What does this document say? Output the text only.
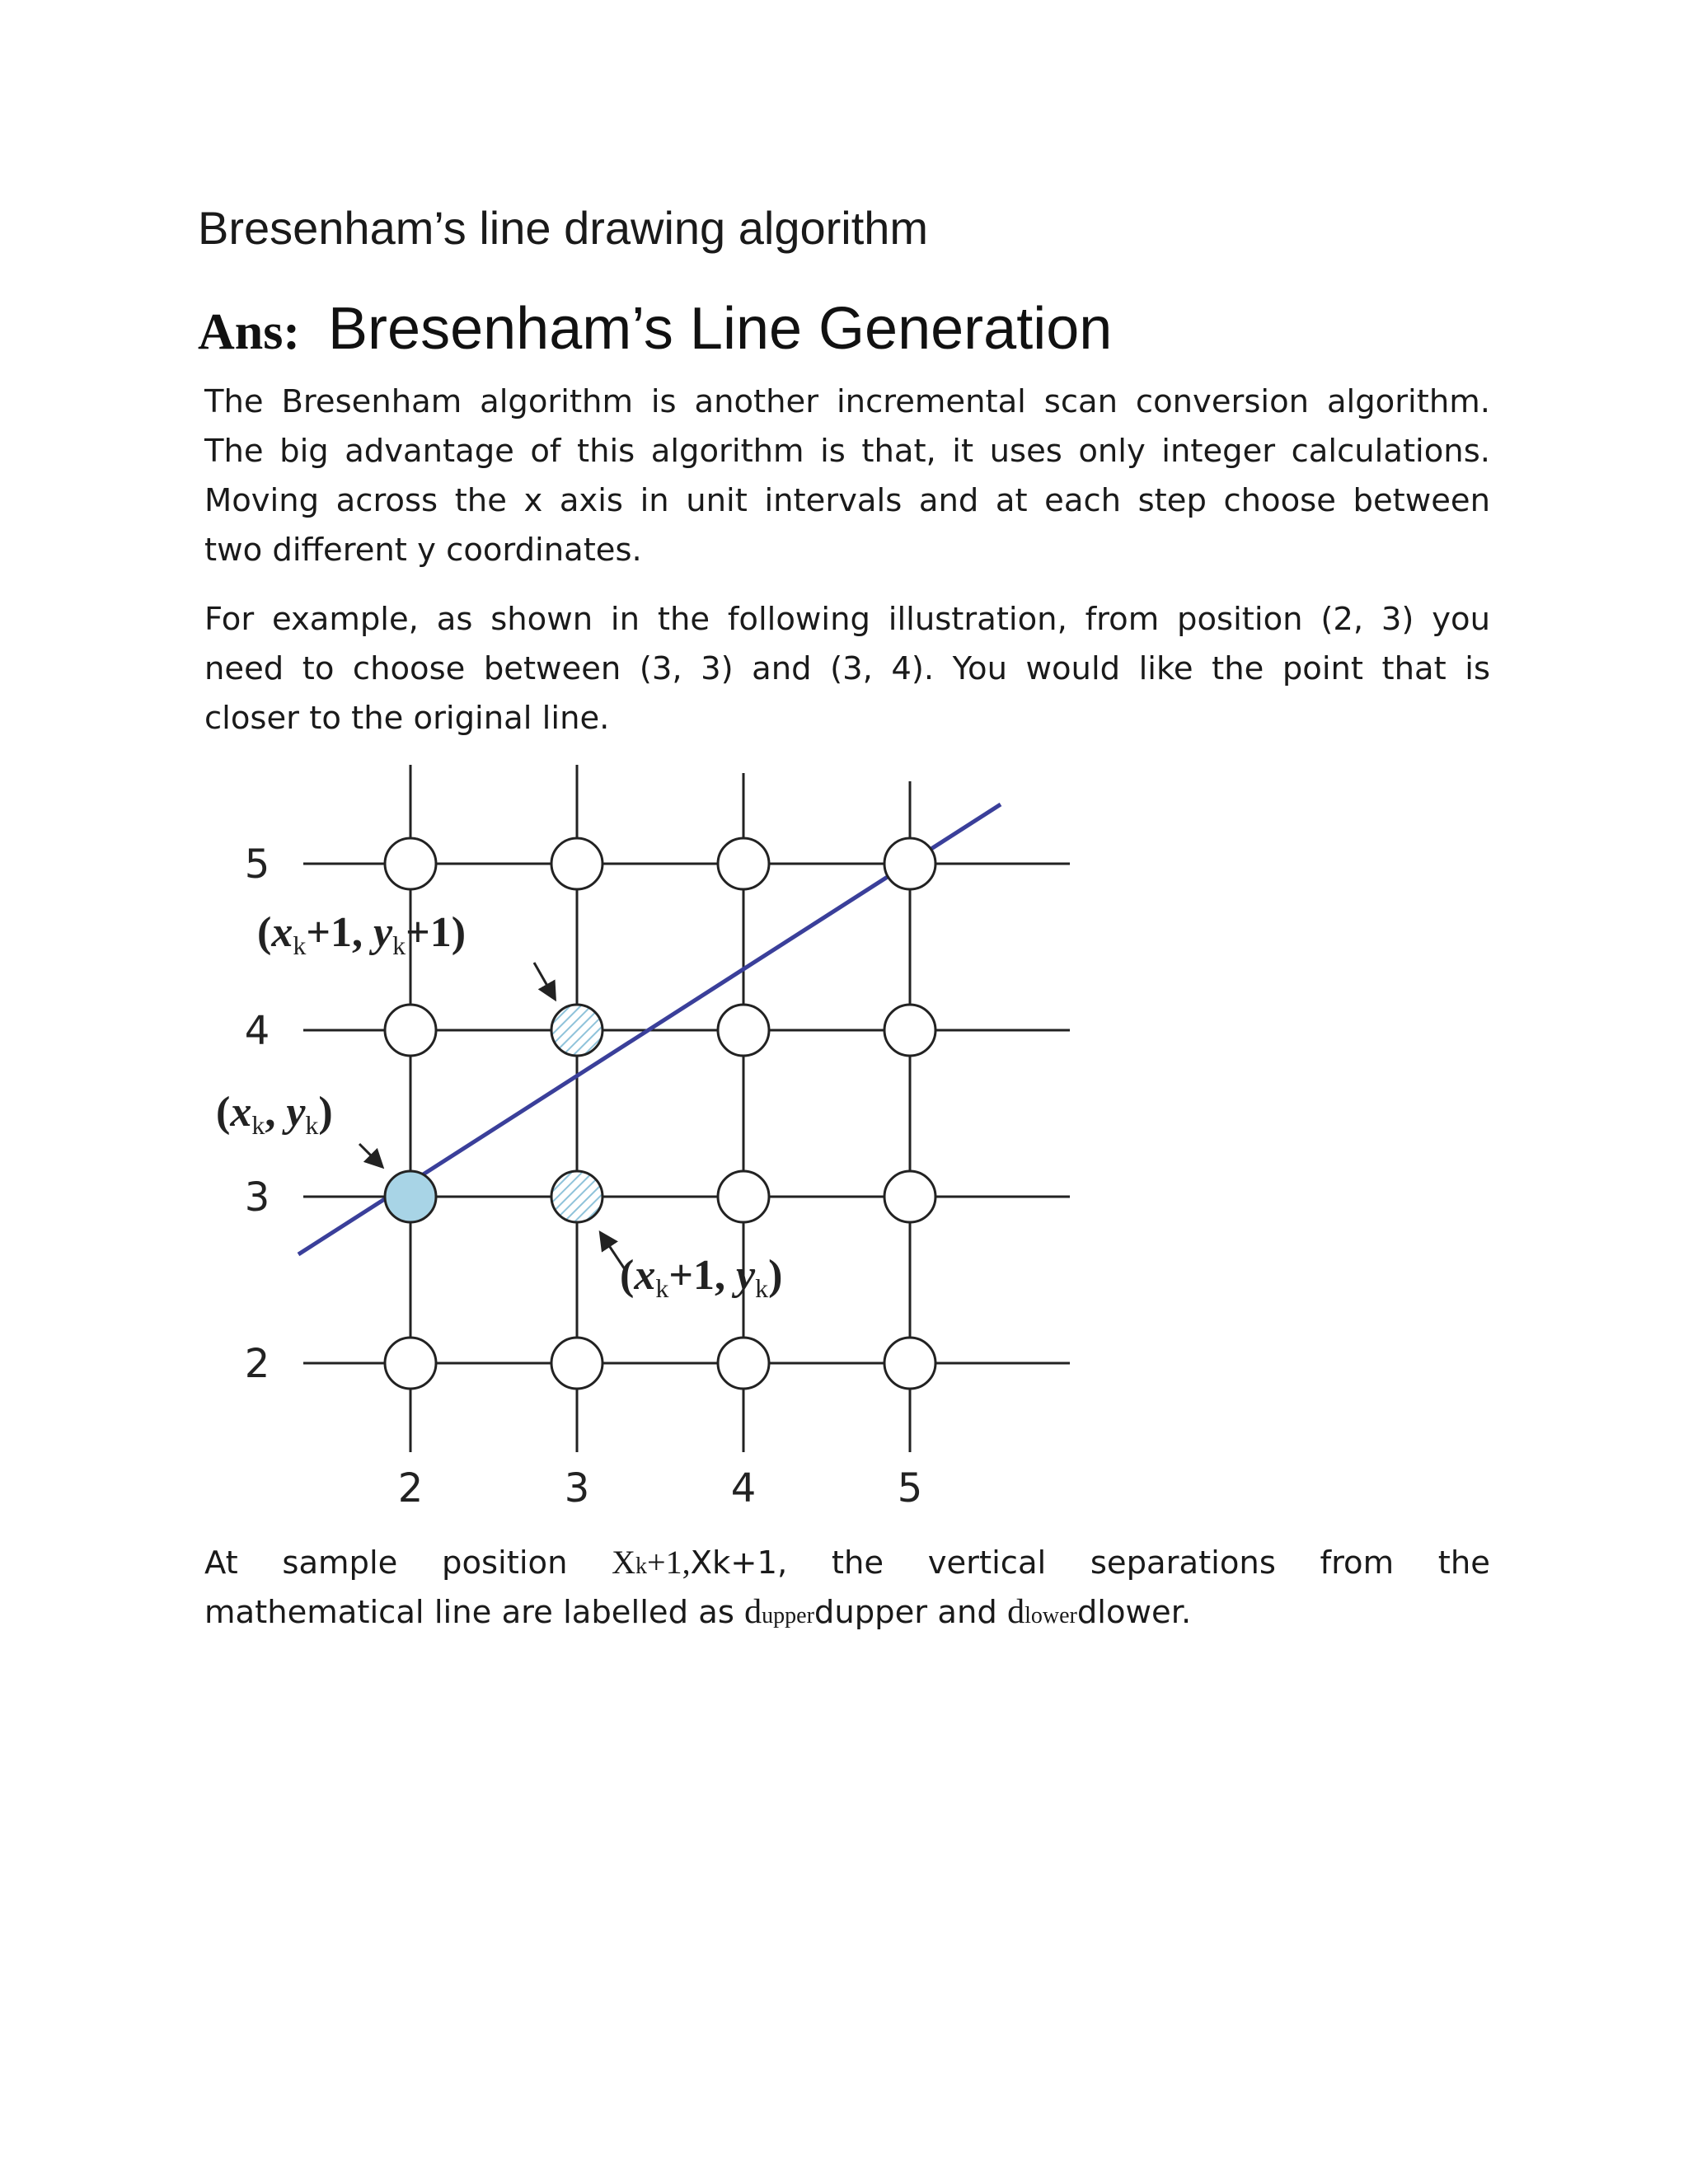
Bresenham’s line drawing algorithm
Ans: Bresenham’s Line Generation
The Bresenham algorithm is another incremental scan conversion algorithm.
The big advantage of this algorithm is that, it uses only integer calculations.
Moving across the x axis in unit intervals and at each step choose between
two different y coordinates.
For example, as shown in the following illustration, from position (2, 3) you
need to choose between (3, 3) and (3, 4). You would like the point that is
closer to the original line.
5
4
3
2
2	3	4	5
(xk+1, yk+1)
(xk, yk)
(xk+1, yk)
At sample position Xk+1,Xk+1, the vertical separations from the
mathematical line are labelled as dupperdupper and dlowerdlower.
